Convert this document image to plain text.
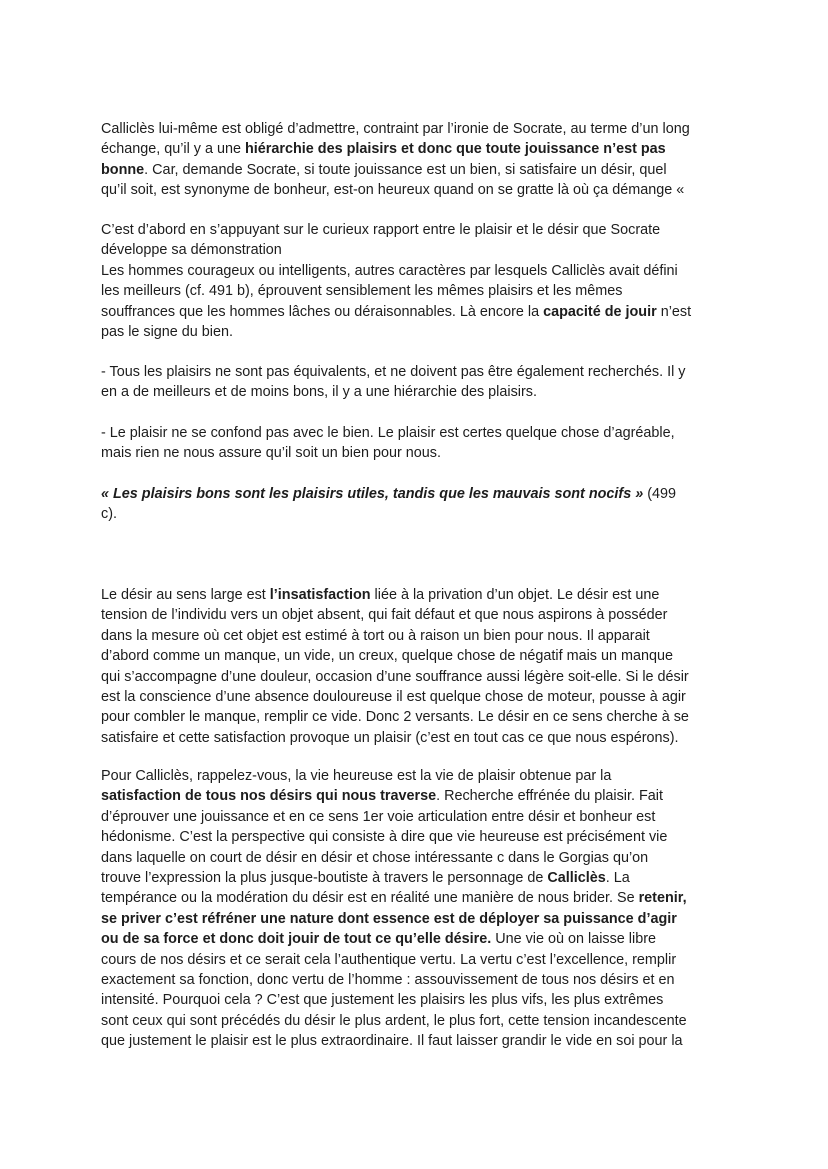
Calliclès lui-même est obligé d’admettre, contraint par l’ironie de Socrate, au terme d’un long
échange, qu’il y a une hiérarchie des plaisirs et donc que toute jouissance n’est pas
bonne. Car, demande Socrate, si toute jouissance est un bien, si satisfaire un désir, quel
qu’il soit, est synonyme de bonheur, est-on heureux quand on se gratte là où ça démange «
C’est d’abord en s’appuyant sur le curieux rapport entre le plaisir et le désir que Socrate
développe sa démonstration
Les hommes courageux ou intelligents, autres caractères par lesquels Calliclès avait défini
les meilleurs (cf. 491 b), éprouvent sensiblement les mêmes plaisirs et les mêmes
souffrances que les hommes lâches ou déraisonnables. Là encore la capacité de jouir n’est
pas le signe du bien.
- Tous les plaisirs ne sont pas équivalents, et ne doivent pas être également recherchés. Il y
en a de meilleurs et de moins bons, il y a une hiérarchie des plaisirs.
- Le plaisir ne se confond pas avec le bien. Le plaisir est certes quelque chose d’agréable,
mais rien ne nous assure qu’il soit un bien pour nous.
« Les plaisirs bons sont les plaisirs utiles, tandis que les mauvais sont nocifs » (499
c).
Le désir au sens large est l’insatisfaction liée à la privation d’un objet. Le désir est une
tension de l’individu vers un objet absent, qui fait défaut et que nous aspirons à posséder
dans la mesure où cet objet est estimé à tort ou à raison un bien pour nous. Il apparait
d’abord comme un manque, un vide, un creux, quelque chose de négatif mais un manque
qui s’accompagne d’une douleur, occasion d’une souffrance aussi légère soit-elle. Si le désir
est la conscience d’une absence douloureuse il est quelque chose de moteur, pousse à agir
pour combler le manque, remplir ce vide. Donc 2 versants. Le désir en ce sens cherche à se
satisfaire et cette satisfaction provoque un plaisir (c’est en tout cas ce que nous espérons).
Pour Calliclès, rappelez-vous, la vie heureuse est la vie de plaisir obtenue par la
satisfaction de tous nos désirs qui nous traverse. Recherche effrénée du plaisir. Fait
d’éprouver une jouissance et en ce sens 1er voie articulation entre désir et bonheur est
hédonisme. C’est la perspective qui consiste à dire que vie heureuse est précisément vie
dans laquelle on court de désir en désir et chose intéressante c dans le Gorgias qu’on
trouve l’expression la plus jusque-boutiste à travers le personnage de Calliclès. La
tempérance ou la modération du désir est en réalité une manière de nous brider. Se retenir,
se priver c’est réfréner une nature dont essence est de déployer sa puissance d’agir
ou de sa force et donc doit jouir de tout ce qu’elle désire. Une vie où on laisse libre
cours de nos désirs et ce serait cela l’authentique vertu. La vertu c’est l’excellence, remplir
exactement sa fonction, donc vertu de l’homme : assouvissement de tous nos désirs et en
intensité. Pourquoi cela ? C’est que justement les plaisirs les plus vifs, les plus extrêmes
sont ceux qui sont précédés du désir le plus ardent, le plus fort, cette tension incandescente
que justement le plaisir est le plus extraordinaire. Il faut laisser grandir le vide en soi pour la
